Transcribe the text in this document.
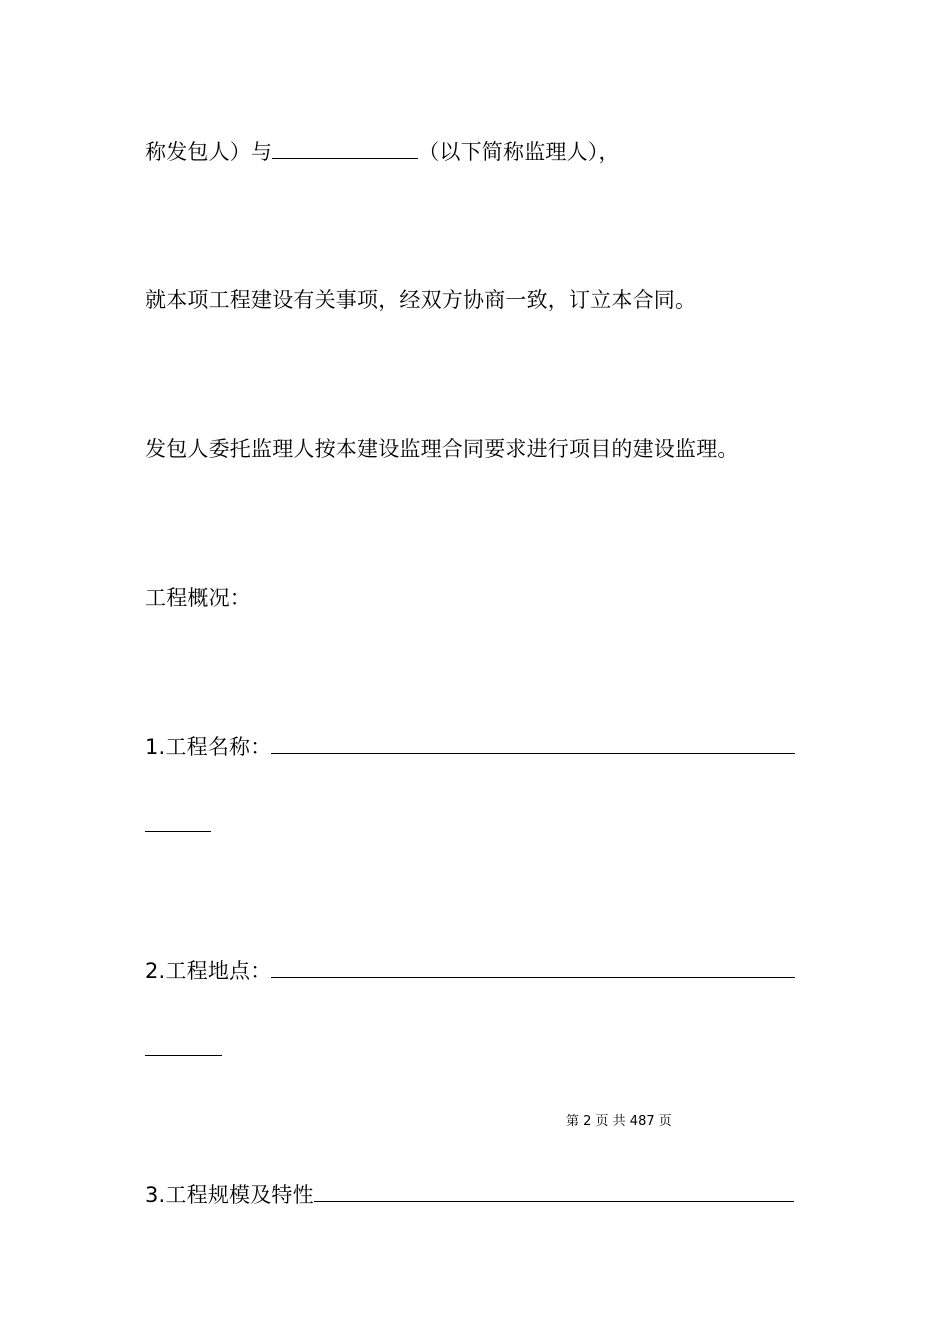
称发包人）与	（以下简称监理人），
就本项工程建设有关事项，经双方协商一致，订立本合同。
发包人委托监理人按本建设监理合同要求进行项目的建设监理。
工程概况：
1.工程名称：
2.工程地点：
第 2 页 共 487 页
3.工程规模及特性
